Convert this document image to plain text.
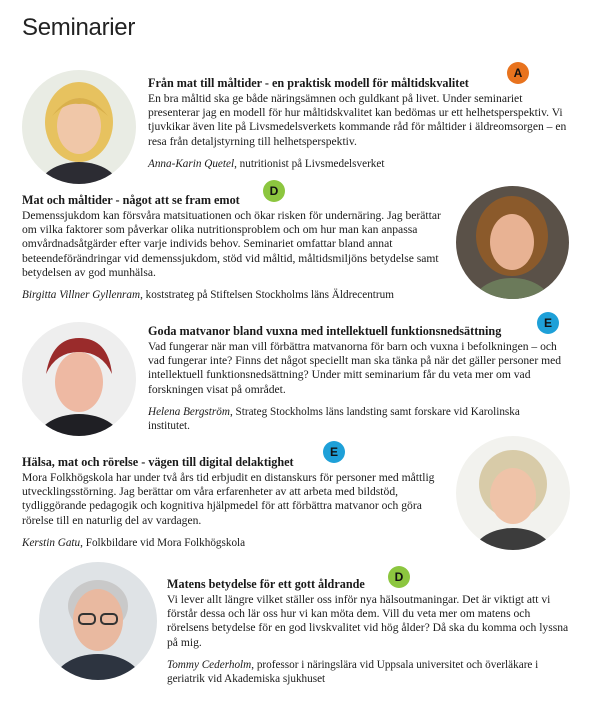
Seminarier
Från mat till måltider - en praktisk modell för måltidskvalitet

En bra måltid ska ge både näringsämnen och guldkant på livet. Under seminariet presenterar jag en modell för hur måltidskvalitet kan bedömas ur ett helhetsperspektiv. Vi tjuvkikar även lite på Livsmedelsverkets kommande råd för måltider i äldreomsorgen – en resa från detaljstyrning till helhetsperspektiv.

Anna-Karin Quetel, nutritionist på Livsmedelsverket

A
Mat och måltider - något att se fram emot

Demenssjukdom kan försvåra matsituationen och ökar risken för undernäring. Jag berättar om vilka faktorer som påverkar olika nutritionsproblem och om hur man kan anpassa omvårdnadsåtgärder efter varje individs behov. Seminariet omfattar bland annat beteendeförändringar vid demenssjukdom, stöd vid måltid, måltidsmiljöns betydelse samt betydelsen av god munhälsa.

Birgitta Villner Gyllenram, koststrateg på Stiftelsen Stockholms läns Äldrecentrum

D
Goda matvanor bland vuxna med intellektuell funktionsnedsättning

Vad fungerar när man vill förbättra matvanorna för barn och vuxna i befolkningen – och vad fungerar inte? Finns det något speciellt man ska tänka på när det gäller personer med intellektuell funktionsnedsättning? Under mitt seminarium får du veta mer om vad forskningen visat på området.

Helena Bergström, Strateg Stockholms läns landsting samt forskare vid Karolinska institutet.

E
Hälsa, mat och rörelse - vägen till digital delaktighet

Mora Folkhögskola har under två års tid erbjudit en distanskurs för personer med måttlig utvecklingsstörning. Jag berättar om våra erfarenheter av att arbeta med bildstöd, tydliggörande pedagogik och kognitiva hjälpmedel för att förbättra matvanor och göra rörelse till en naturlig del av vardagen.

Kerstin Gatu, Folkbildare vid Mora Folkhögskola

E
Matens betydelse för ett gott åldrande

Vi lever allt längre vilket ställer oss inför nya hälsoutmaningar. Det är viktigt att vi förstår dessa och lär oss hur vi kan möta dem. Vill du veta mer om matens och rörelsens betydelse för en god livskvalitet vid hög ålder? Då ska du komma och lyssna på mig.

Tommy Cederholm, professor i näringslära vid Uppsala universitet och överläkare i geriatrik vid Akademiska sjukhuset

D
